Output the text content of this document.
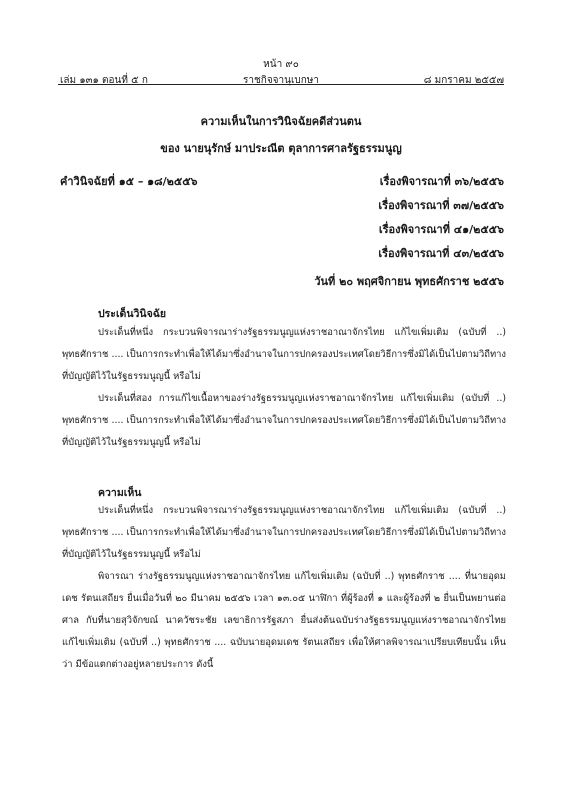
หน้า ๙๐
เล่ม ๑๓๑ ตอนที่ ๕ ก	ราชกิจจานุเบกษา	๘ มกราคม ๒๕๕๗
ความเห็นในการวินิจฉัยคดีส่วนตน
ของ นายนุรักษ์ มาประณีต ตุลาการศาลรัฐธรรมนูญ
คำวินิจฉัยที่ ๑๕ – ๑๘/๒๕๕๖	เรื่องพิจารณาที่ ๓๖/๒๕๕๖
เรื่องพิจารณาที่ ๓๗/๒๕๕๖
เรื่องพิจารณาที่ ๔๑/๒๕๕๖
เรื่องพิจารณาที่ ๔๓/๒๕๕๖
วันที่ ๒๐ พฤศจิกายน พุทธศักราช ๒๕๕๖
ประเด็นวินิจฉัย

ประเด็นที่หนึ่ง กระบวนพิจารณาร่างรัฐธรรมนูญแห่งราชอาณาจักรไทย แก้ไขเพิ่มเติม (ฉบับที่ ..) พุทธศักราช .... เป็นการกระทำเพื่อให้ได้มาซึ่งอำนาจในการปกครองประเทศโดยวิธีการซึ่งมิได้เป็นไปตามวิถีทางที่บัญญัติไว้ในรัฐธรรมนูญนี้ หรือไม่

ประเด็นที่สอง การแก้ไขเนื้อหาของร่างรัฐธรรมนูญแห่งราชอาณาจักรไทย แก้ไขเพิ่มเติม (ฉบับที่ ..) พุทธศักราช .... เป็นการกระทำเพื่อให้ได้มาซึ่งอำนาจในการปกครองประเทศโดยวิธีการซึ่งมิได้เป็นไปตามวิถีทางที่บัญญัติไว้ในรัฐธรรมนูญนี้ หรือไม่

ความเห็น

ประเด็นที่หนึ่ง กระบวนพิจารณาร่างรัฐธรรมนูญแห่งราชอาณาจักรไทย แก้ไขเพิ่มเติม (ฉบับที่ ..) พุทธศักราช .... เป็นการกระทำเพื่อให้ได้มาซึ่งอำนาจในการปกครองประเทศโดยวิธีการซึ่งมิได้เป็นไปตามวิถีทางที่บัญญัติไว้ในรัฐธรรมนูญนี้ หรือไม่

พิจารณา ร่างรัฐธรรมนูญแห่งราชอาณาจักรไทย แก้ไขเพิ่มเติม (ฉบับที่ ..) พุทธศักราช .... ที่นายอุดมเดช รัตนเสถียร ยื่นเมื่อวันที่ ๒๐ มีนาคม ๒๕๕๖ เวลา ๑๓.๐๕ นาฬิกา ที่ผู้ร้องที่ ๑ และผู้ร้องที่ ๒ ยื่นเป็นพยานต่อศาล กับที่นายสุวิจักขณ์ นาควัชระชัย เลขาธิการรัฐสภา ยื่นส่งต้นฉบับร่างรัฐธรรมนูญแห่งราชอาณาจักรไทย แก้ไขเพิ่มเติม (ฉบับที่ ..) พุทธศักราช .... ฉบับนายอุดมเดช รัตนเสถียร เพื่อให้ศาลพิจารณาเปรียบเทียบนั้น เห็นว่า มีข้อแตกต่างอยู่หลายประการ ดังนี้
